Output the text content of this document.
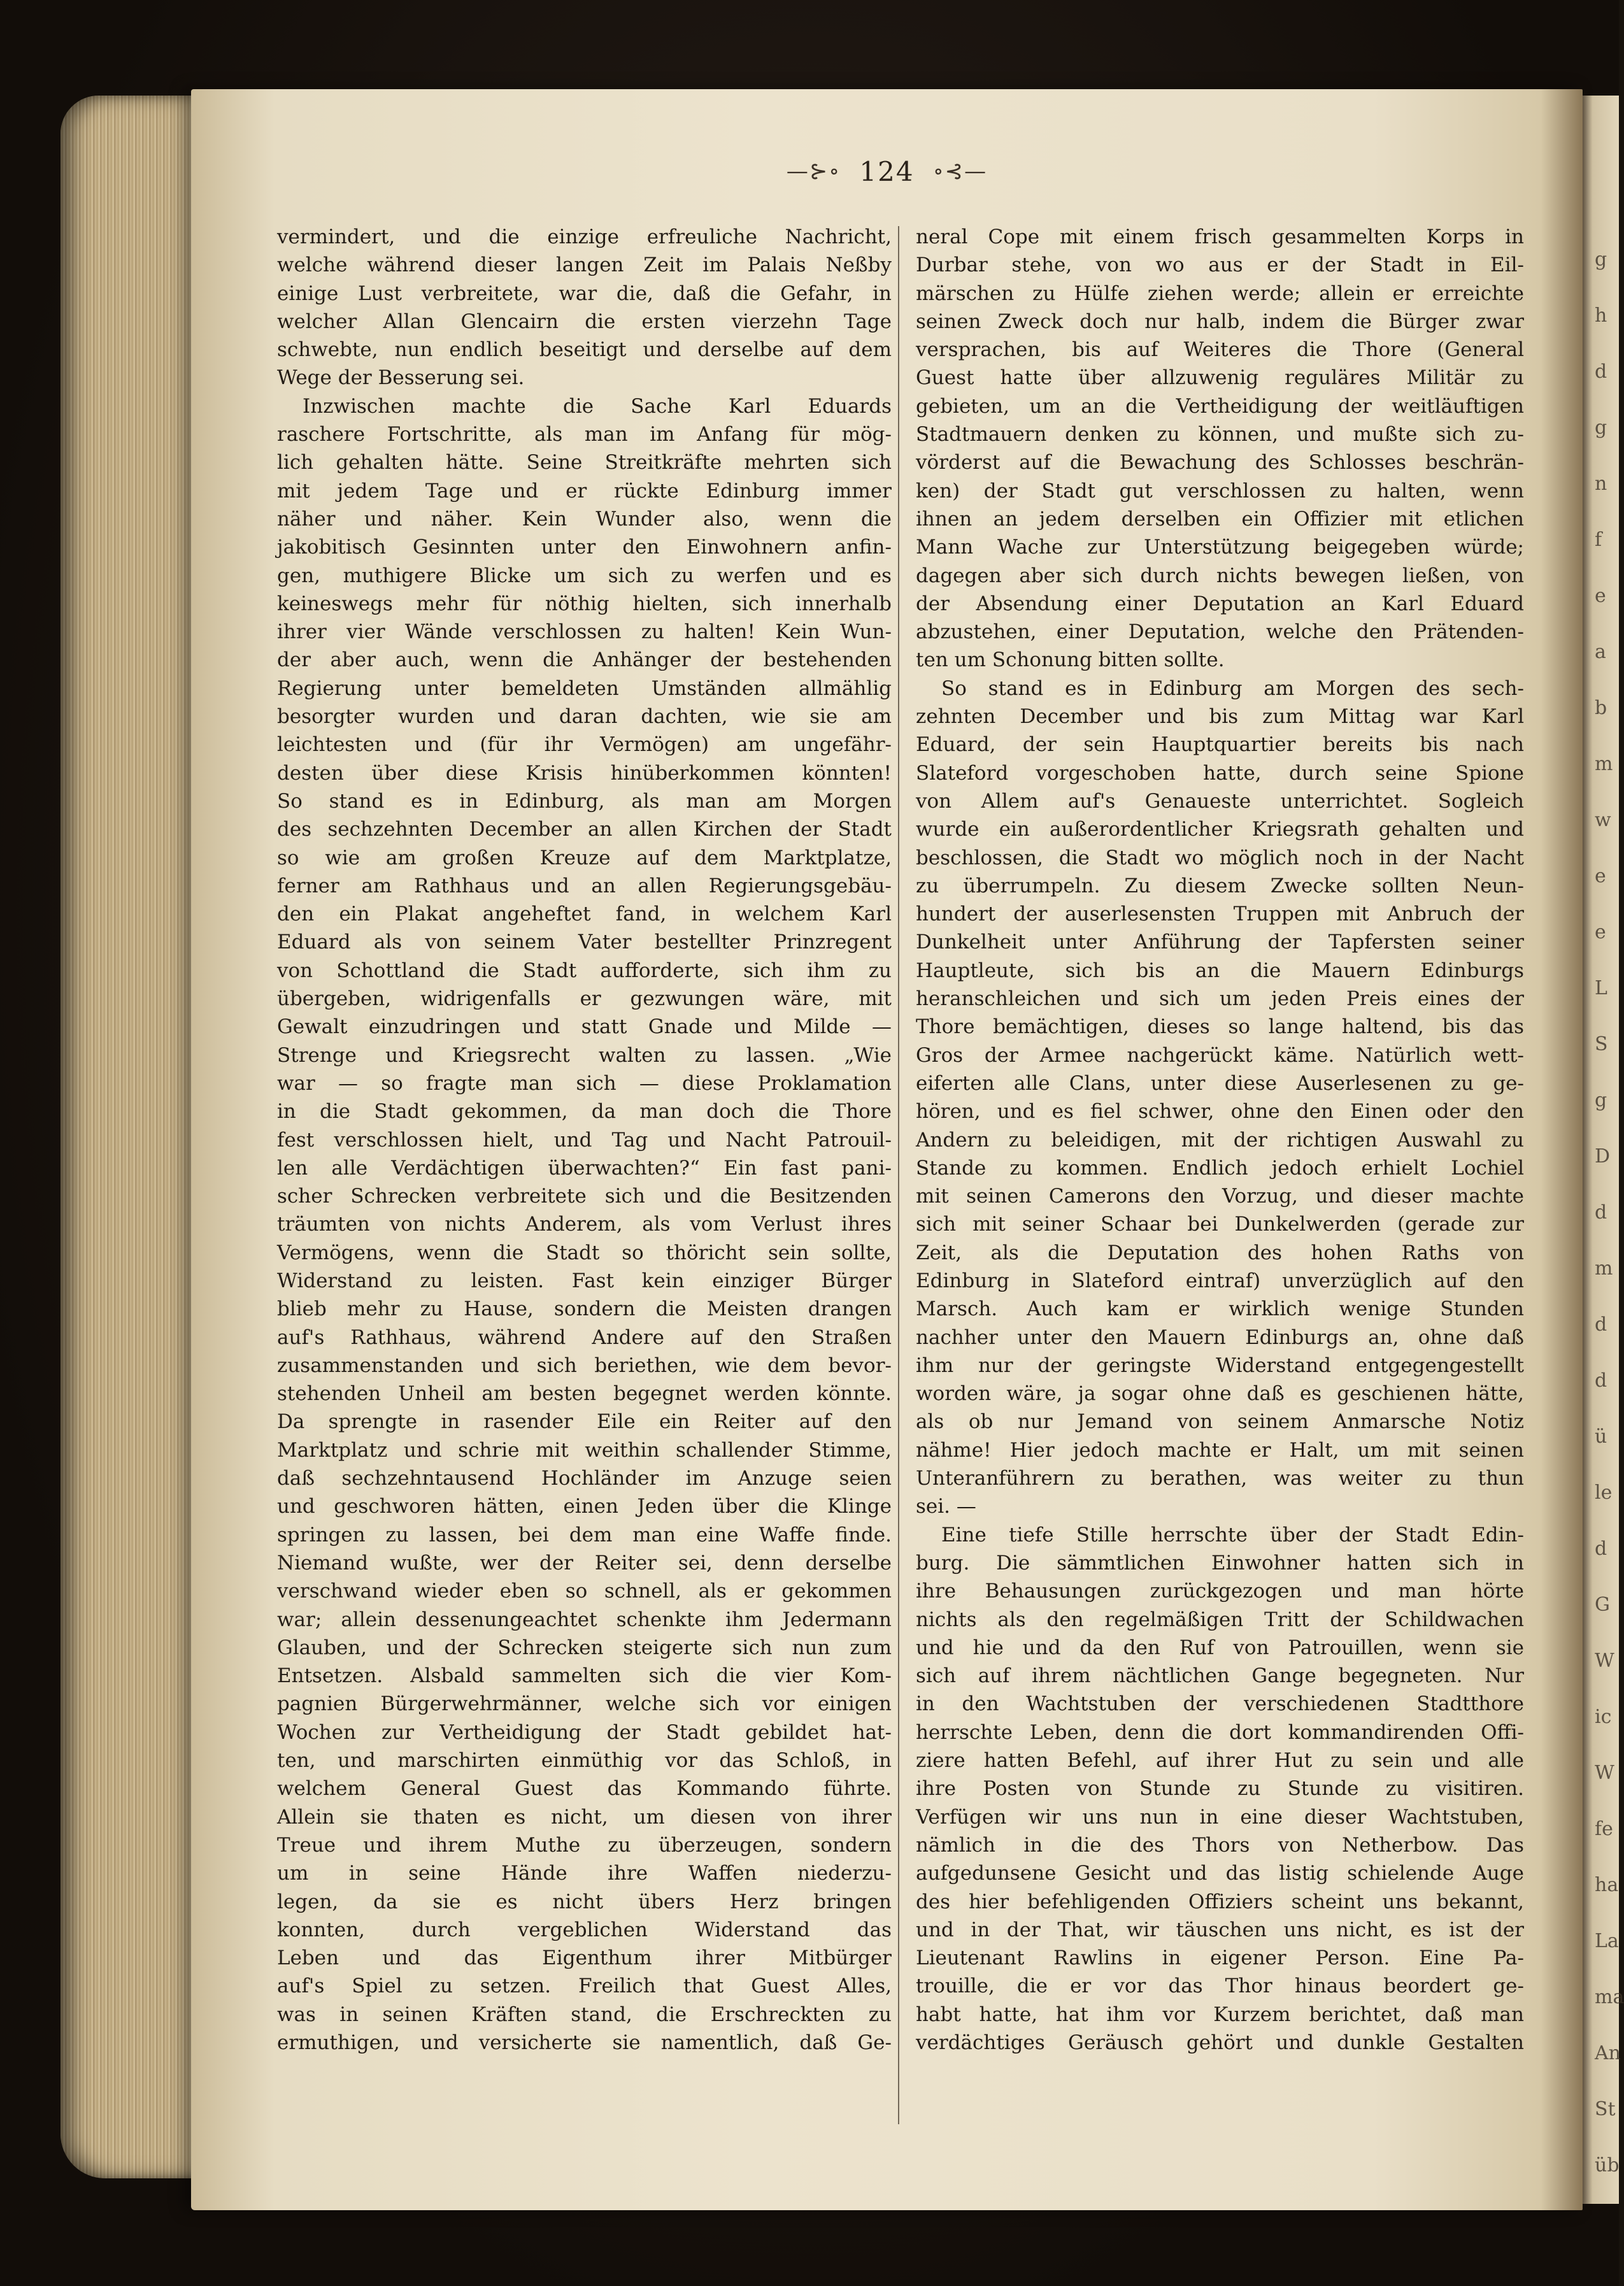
g
h
d
g
n
f
e
a
b
m
w
e
e
L
S
g
D
d
m
d
d
ü
le
d
G
W
ic
W
fe
ha
La
ma
An
St
üb
—⊱∘ 124 ∘⊰—
vermindert, und die einzige erfreuliche Nachricht,
welche während dieser langen Zeit im Palais Neßby
einige Lust verbreitete, war die, daß die Gefahr, in
welcher Allan Glencairn die ersten vierzehn Tage
schwebte, nun endlich beseitigt und derselbe auf dem
Wege der Besserung sei.
Inzwischen machte die Sache Karl Eduards
raschere Fortschritte, als man im Anfang für mög-
lich gehalten hätte. Seine Streitkräfte mehrten sich
mit jedem Tage und er rückte Edinburg immer
näher und näher. Kein Wunder also, wenn die
jakobitisch Gesinnten unter den Einwohnern anfin-
gen, muthigere Blicke um sich zu werfen und es
keineswegs mehr für nöthig hielten, sich innerhalb
ihrer vier Wände verschlossen zu halten! Kein Wun-
der aber auch, wenn die Anhänger der bestehenden
Regierung unter bemeldeten Umständen allmählig
besorgter wurden und daran dachten, wie sie am
leichtesten und (für ihr Vermögen) am ungefähr-
desten über diese Krisis hinüberkommen könnten!
So stand es in Edinburg, als man am Morgen
des sechzehnten December an allen Kirchen der Stadt
so wie am großen Kreuze auf dem Marktplatze,
ferner am Rathhaus und an allen Regierungsgebäu-
den ein Plakat angeheftet fand, in welchem Karl
Eduard als von seinem Vater bestellter Prinzregent
von Schottland die Stadt aufforderte, sich ihm zu
übergeben, widrigenfalls er gezwungen wäre, mit
Gewalt einzudringen und statt Gnade und Milde —
Strenge und Kriegsrecht walten zu lassen. „Wie
war — so fragte man sich — diese Proklamation
in die Stadt gekommen, da man doch die Thore
fest verschlossen hielt, und Tag und Nacht Patrouil-
len alle Verdächtigen überwachten?“ Ein fast pani-
scher Schrecken verbreitete sich und die Besitzenden
träumten von nichts Anderem, als vom Verlust ihres
Vermögens, wenn die Stadt so thöricht sein sollte,
Widerstand zu leisten. Fast kein einziger Bürger
blieb mehr zu Hause, sondern die Meisten drangen
auf's Rathhaus, während Andere auf den Straßen
zusammenstanden und sich beriethen, wie dem bevor-
stehenden Unheil am besten begegnet werden könnte.
Da sprengte in rasender Eile ein Reiter auf den
Marktplatz und schrie mit weithin schallender Stimme,
daß sechzehntausend Hochländer im Anzuge seien
und geschworen hätten, einen Jeden über die Klinge
springen zu lassen, bei dem man eine Waffe finde.
Niemand wußte, wer der Reiter sei, denn derselbe
verschwand wieder eben so schnell, als er gekommen
war; allein dessenungeachtet schenkte ihm Jedermann
Glauben, und der Schrecken steigerte sich nun zum
Entsetzen. Alsbald sammelten sich die vier Kom-
pagnien Bürgerwehrmänner, welche sich vor einigen
Wochen zur Vertheidigung der Stadt gebildet hat-
ten, und marschirten einmüthig vor das Schloß, in
welchem General Guest das Kommando führte.
Allein sie thaten es nicht, um diesen von ihrer
Treue und ihrem Muthe zu überzeugen, sondern
um in seine Hände ihre Waffen niederzu-
legen, da sie es nicht übers Herz bringen
konnten, durch vergeblichen Widerstand das
Leben und das Eigenthum ihrer Mitbürger
auf's Spiel zu setzen. Freilich that Guest Alles,
was in seinen Kräften stand, die Erschreckten zu
ermuthigen, und versicherte sie namentlich, daß Ge-
neral Cope mit einem frisch gesammelten Korps in
Durbar stehe, von wo aus er der Stadt in Eil-
märschen zu Hülfe ziehen werde; allein er erreichte
seinen Zweck doch nur halb, indem die Bürger zwar
versprachen, bis auf Weiteres die Thore (General
Guest hatte über allzuwenig reguläres Militär zu
gebieten, um an die Vertheidigung der weitläuftigen
Stadtmauern denken zu können, und mußte sich zu-
vörderst auf die Bewachung des Schlosses beschrän-
ken) der Stadt gut verschlossen zu halten, wenn
ihnen an jedem derselben ein Offizier mit etlichen
Mann Wache zur Unterstützung beigegeben würde;
dagegen aber sich durch nichts bewegen ließen, von
der Absendung einer Deputation an Karl Eduard
abzustehen, einer Deputation, welche den Prätenden-
ten um Schonung bitten sollte.
So stand es in Edinburg am Morgen des sech-
zehnten December und bis zum Mittag war Karl
Eduard, der sein Hauptquartier bereits bis nach
Slateford vorgeschoben hatte, durch seine Spione
von Allem auf's Genaueste unterrichtet. Sogleich
wurde ein außerordentlicher Kriegsrath gehalten und
beschlossen, die Stadt wo möglich noch in der Nacht
zu überrumpeln. Zu diesem Zwecke sollten Neun-
hundert der auserlesensten Truppen mit Anbruch der
Dunkelheit unter Anführung der Tapfersten seiner
Hauptleute, sich bis an die Mauern Edinburgs
heranschleichen und sich um jeden Preis eines der
Thore bemächtigen, dieses so lange haltend, bis das
Gros der Armee nachgerückt käme. Natürlich wett-
eiferten alle Clans, unter diese Auserlesenen zu ge-
hören, und es fiel schwer, ohne den Einen oder den
Andern zu beleidigen, mit der richtigen Auswahl zu
Stande zu kommen. Endlich jedoch erhielt Lochiel
mit seinen Camerons den Vorzug, und dieser machte
sich mit seiner Schaar bei Dunkelwerden (gerade zur
Zeit, als die Deputation des hohen Raths von
Edinburg in Slateford eintraf) unverzüglich auf den
Marsch. Auch kam er wirklich wenige Stunden
nachher unter den Mauern Edinburgs an, ohne daß
ihm nur der geringste Widerstand entgegengestellt
worden wäre, ja sogar ohne daß es geschienen hätte,
als ob nur Jemand von seinem Anmarsche Notiz
nähme! Hier jedoch machte er Halt, um mit seinen
Unteranführern zu berathen, was weiter zu thun
sei. —
Eine tiefe Stille herrschte über der Stadt Edin-
burg. Die sämmtlichen Einwohner hatten sich in
ihre Behausungen zurückgezogen und man hörte
nichts als den regelmäßigen Tritt der Schildwachen
und hie und da den Ruf von Patrouillen, wenn sie
sich auf ihrem nächtlichen Gange begegneten. Nur
in den Wachtstuben der verschiedenen Stadtthore
herrschte Leben, denn die dort kommandirenden Offi-
ziere hatten Befehl, auf ihrer Hut zu sein und alle
ihre Posten von Stunde zu Stunde zu visitiren.
Verfügen wir uns nun in eine dieser Wachtstuben,
nämlich in die des Thors von Netherbow. Das
aufgedunsene Gesicht und das listig schielende Auge
des hier befehligenden Offiziers scheint uns bekannt,
und in der That, wir täuschen uns nicht, es ist der
Lieutenant Rawlins in eigener Person. Eine Pa-
trouille, die er vor das Thor hinaus beordert ge-
habt hatte, hat ihm vor Kurzem berichtet, daß man
verdächtiges Geräusch gehört und dunkle Gestalten
